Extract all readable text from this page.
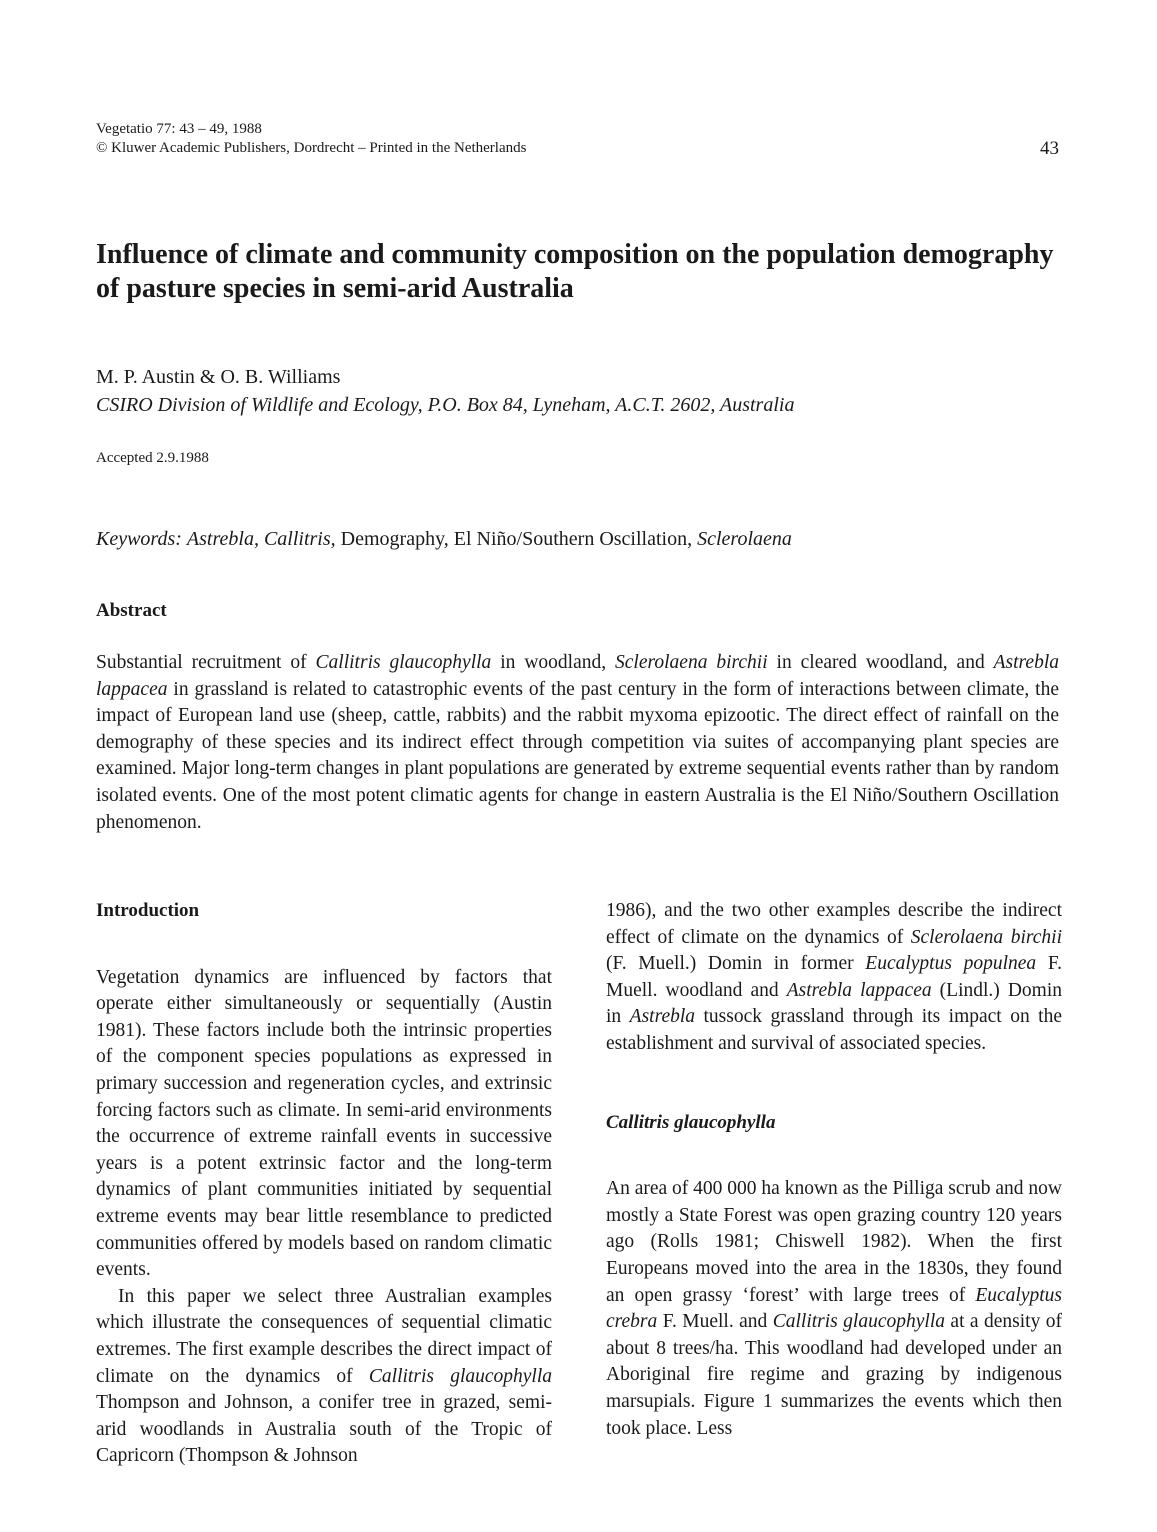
Vegetatio 77: 43 – 49, 1988
© Kluwer Academic Publishers, Dordrecht – Printed in the Netherlands	43
Influence of climate and community composition on the population demography of pasture species in semi-arid Australia
M. P. Austin & O. B. Williams
CSIRO Division of Wildlife and Ecology, P.O. Box 84, Lyneham, A.C.T. 2602, Australia
Accepted 2.9.1988
Keywords: Astrebla, Callitris, Demography, El Niño/Southern Oscillation, Sclerolaena
Abstract

Substantial recruitment of Callitris glaucophylla in woodland, Sclerolaena birchii in cleared woodland, and Astrebla lappacea in grassland is related to catastrophic events of the past century in the form of interactions between climate, the impact of European land use (sheep, cattle, rabbits) and the rabbit myxoma epizootic. The direct effect of rainfall on the demography of these species and its indirect effect through competition via suites of accompanying plant species are examined. Major long-term changes in plant populations are generated by extreme sequential events rather than by random isolated events. One of the most potent climatic agents for change in eastern Australia is the El Niño/Southern Oscillation phenomenon.

Introduction

Vegetation dynamics are influenced by factors that operate either simultaneously or sequentially (Austin 1981). These factors include both the intrinsic properties of the component species populations as expressed in primary succession and regeneration cycles, and extrinsic forcing factors such as climate. In semi-arid environments the occurrence of extreme rainfall events in successive years is a potent extrinsic factor and the long-term dynamics of plant communities initiated by sequential extreme events may bear little resemblance to predicted communities offered by models based on random climatic events.

In this paper we select three Australian examples which illustrate the consequences of sequential climatic extremes. The first example describes the direct impact of climate on the dynamics of Callitris glaucophylla Thompson and Johnson, a conifer tree in grazed, semi-arid woodlands in Australia south of the Tropic of Capricorn (Thompson & Johnson

1986), and the two other examples describe the indirect effect of climate on the dynamics of Sclerolaena birchii (F. Muell.) Domin in former Eucalyptus populnea F. Muell. woodland and Astrebla lappacea (Lindl.) Domin in Astrebla tussock grassland through its impact on the establishment and survival of associated species.

Callitris glaucophylla

An area of 400 000 ha known as the Pilliga scrub and now mostly a State Forest was open grazing country 120 years ago (Rolls 1981; Chiswell 1982). When the first Europeans moved into the area in the 1830s, they found an open grassy ‘forest’ with large trees of Eucalyptus crebra F. Muell. and Callitris glaucophylla at a density of about 8 trees/ha. This woodland had developed under an Aboriginal fire regime and grazing by indigenous marsupials. Figure 1 summarizes the events which then took place. Less
